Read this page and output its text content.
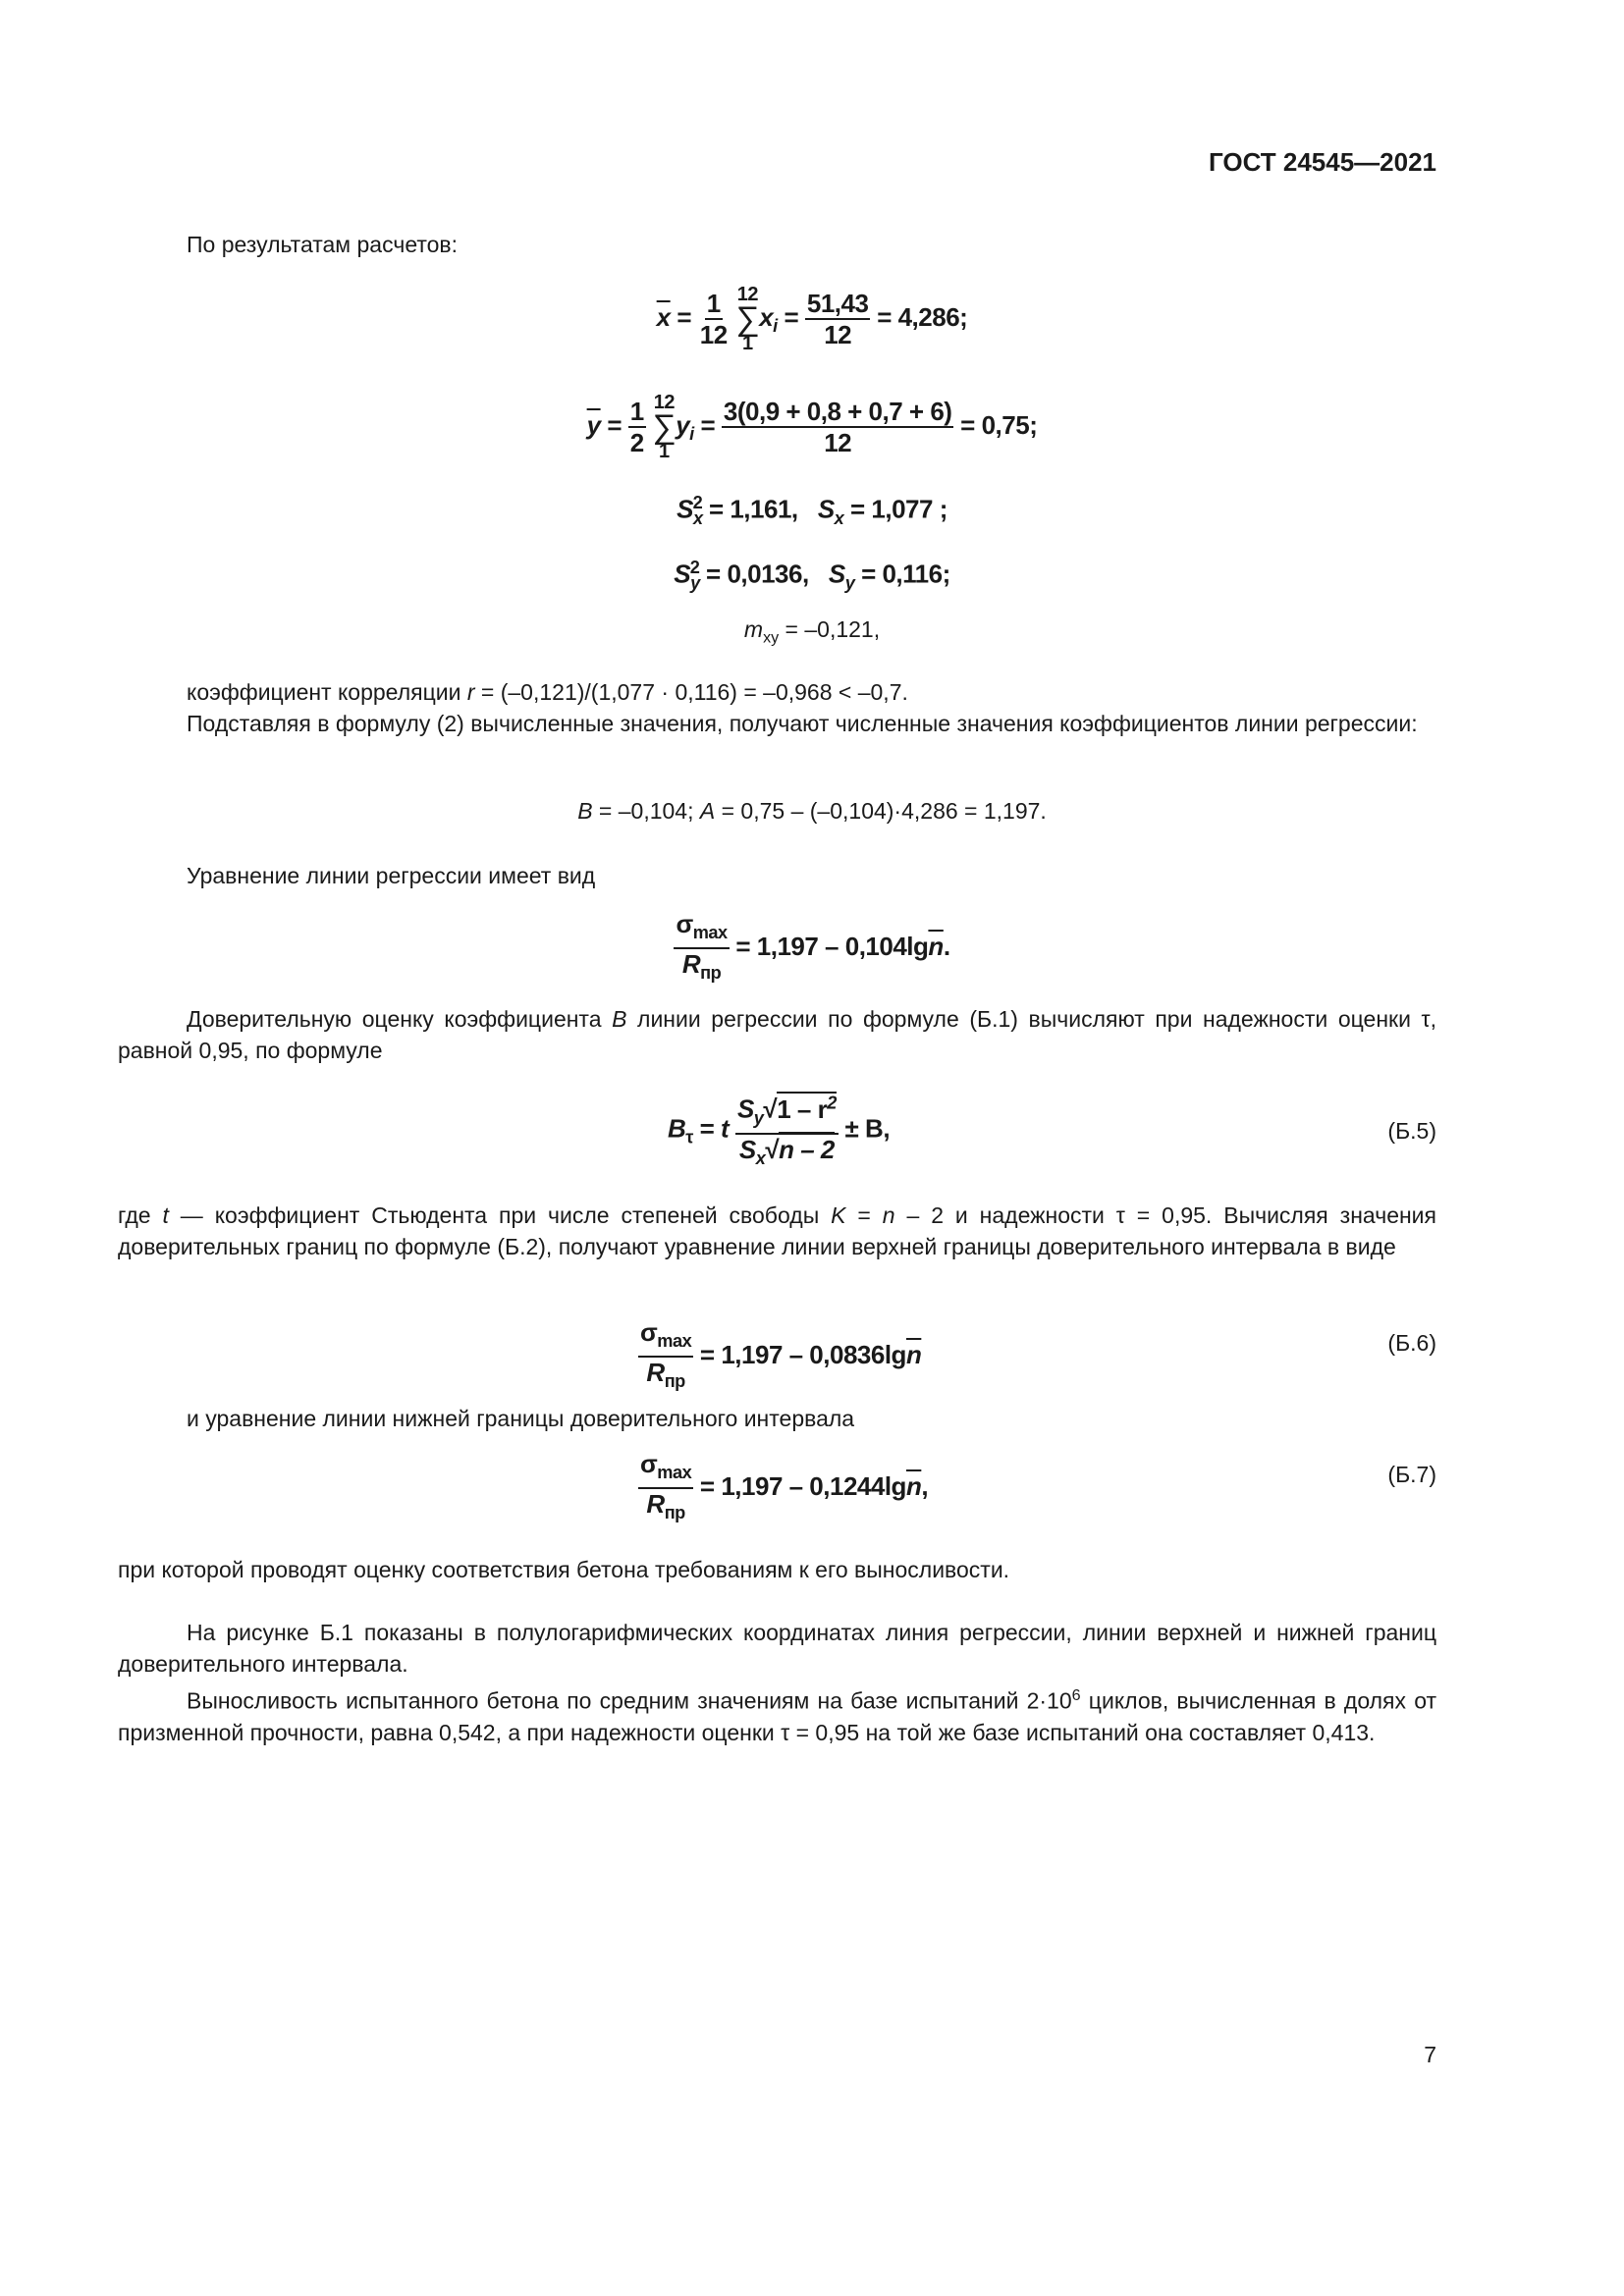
ГОСТ 24545—2021
По результатам расчетов:
$\overline{x} = \frac{1}{12}$
12
∑
1
$x_i = \frac{51,43}{12} = 4,286$;
$\overline{y} = \frac{1}{2}$
12
∑
1
$y_i = \frac{3(0,9 + 0,8 + 0,7 + 6)}{12} = 0,75$;
$S_x^2 = 1,161$, $S_x = 1,077$ ;
$S_y^2 = 0,0136$, $S_y = 0,116$;
$m_{xy} = -0,121$,
коэффициент корреляции r = (–0,121)/(1,077 · 0,116) = –0,968 < –0,7.
Подставляя в формулу (2) вычисленные значения, получают численные значения коэффициентов линии регрессии:
B = –0,104; A = 0,75 – (–0,104)·4,286 = 1,197.
Уравнение линии регрессии имеет вид
$\frac{\sigma_{max}}{R_{пр}} = 1,197 - 0,104\lg\overline{n}$.
Доверительную оценку коэффициента B линии регрессии по формуле (Б.1) вычисляют при надежности оценки τ, равной 0,95, по формуле
$B_\tau = t \frac{S_y√1 - r^2}{S_x√n - 2} \pm B$,	(Б.5)
где t — коэффициент Стьюдента при числе степеней свободы K = n – 2 и надежности τ = 0,95. Вычисляя значения доверительных границ по формуле (Б.2), получают уравнение линии верхней границы доверительного интервала в виде
$\frac{\sigma_{max}}{R_{пр}} = 1,197 - 0,0836\lg\overline{n}$	(Б.6)
и уравнение линии нижней границы доверительного интервала
$\frac{\sigma_{max}}{R_{пр}} = 1,197 - 0,1244\lg\overline{n}$,	(Б.7)
при которой проводят оценку соответствия бетона требованиям к его выносливости.
На рисунке Б.1 показаны в полулогарифмических координатах линия регрессии, линии верхней и нижней границ доверительного интервала.
Выносливость испытанного бетона по средним значениям на базе испытаний $2\cdot 10^6$ циклов, вычисленная в долях от призменной прочности, равна 0,542, а при надежности оценки τ = 0,95 на той же базе испытаний она составляет 0,413.
7
